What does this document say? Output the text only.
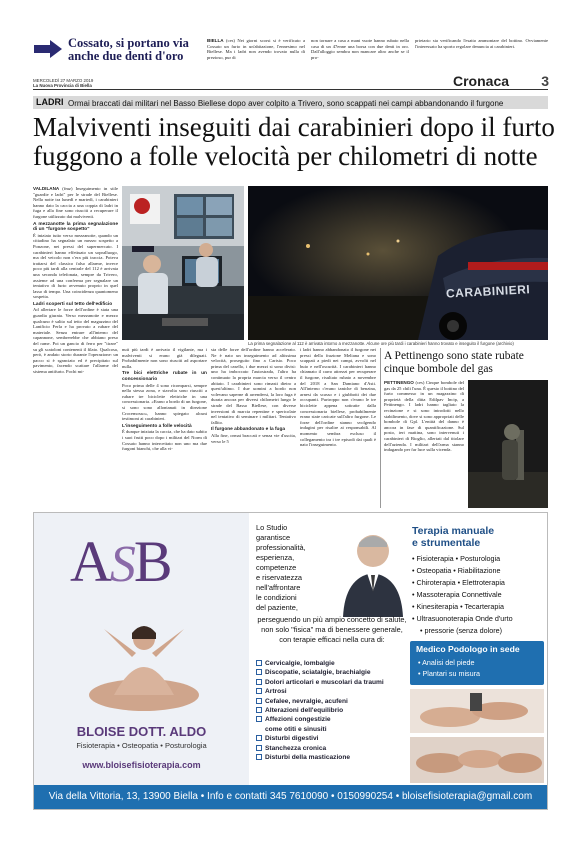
Cossato, si portano via
anche due denti d'oro
BIELLA (ces) Nei giorni scorsi si è verificato a Cossato un furto in un'abitazione, l'ennesimo nel Biellese. Ma i ladri non avendo trovato nulla di prezioso, pur di
non tornare a casa a mani vuote hanno rubato nella casa di un 47enne una borsa con due denti in oro. Dall'alloggio sembra non mancare altro anche se il pro-
prietario sta verificando l'esatto ammontare del bottino. Ovviamente l'interessato ha sporto regolare denuncia ai carabinieri.
MERCOLEDÌ 27 MARZO 2019
La Nuova Provincia di Biella	Cronaca	3
LADRI Ormai braccati dai militari nel Basso Biellese dopo aver colpito a Trivero, sono scappati nei campi abbandonando il furgone
Malviventi inseguiti dai carabinieri dopo il furto
fuggono a folle velocità per chilometri di notte
VALDILANA (fmz) Inseguimento in stile "guardie e ladri" per le strade del Biellese. Nella notte tra lunedì e martedì, i carabinieri hanno dato la caccia a una coppia di ladri in fuga e alla fine sono riusciti a recuperare il furgone utilizzato dai malviventi.
A mezzanotte la prima segnalazione di un "furgone sospetto"
È iniziato tutto verso mezzanotte, quando un cittadino ha segnalato un mezzo sospetto a Ponzone, nei pressi del supermercato. I carabinieri hanno effettuato un sopralluogo, ma del veicolo non c'era più traccia. Poteva trattarsi del classico falso allarme, invece poco più tardi alla centrale del 112 è arrivata una seconda telefonata, sempre da Trivero, assieme ad una conferma per segnalare un tentativo di furto avvenuto proprio in quel lasso di tempo. Una coincidenza quantomeno sospetta.
Ladri scoperti sul tetto dell'edificio
Ad allertare le forze dell'ordine è stata una guardia giurata. Verso mezzanotte e mezzo qualcuno è salito sul tetto del magazzino del Lanificio Ferla e ha provato a rubare del materiale. Senza entrare all'interno del capannone, sembrerebbe che abbiano preso del rame. Poi un gancio di ferro per "tirare" su gli scatoloni contenenti il filato. Qualcosa, però, è andato storto durante l'operazione: un pacco si è sganciato ed è precipitato sul pavimento, facendo scattare l'allarme del sistema antifurto. Pochi mi-
CARABINIERI
La prima segnalazione al 112 è arrivata intorno a mezzanotte. Alcune ore più tardi i carabinieri hanno trovato e inseguito il furgone (archivio)
nuti più tardi è arrivato il vigilante, ma i malviventi si erano già dileguati. Probabilmente non sono riusciti ad asportare nulla.
Tre bici elettriche rubate in un concessionario
Poco prima delle 4 sono ricomparsi, sempre nella stessa zona, e stavolta sono riusciti a rubare tre biciclette elettriche in una concessionaria. «Erano a bordo di un furgone, si sono sono allontanati in direzione Crocemosso», hanno spiegato alcuni testimoni ai carabinieri.
L'inseguimento a folle velocità
È dunque iniziata la caccia, che ha dato subito i suoi frutti poco dopo i militari del Norm di Cossato hanno intercettato non uno ma due furgoni bianchi, che alla vi-
sta delle forze dell'ordine hanno accelerato. Ne è nato un inseguimento ad altissima velocità, proseguito fino a Carisio. Poco prima del casello, i due mezzi si sono divisi: uno ha imboccato l'autostrada, l'altro ha continuato la propria marcia verso il centro abitato. I carabinieri sono rimasti dietro a quest'ultimo. I due uomini a bordo non volevano saperne di arrendersi, la loro fuga è durata ancora per diversi chilometri lungo le strade del Basso Biellese, con diverse inversioni di marcia repentine e spericolate nel tentativo di seminare i militari. Tentativo fallito.
Il furgone abbandonato e la fuga
Alla fine, ormai braccati e senza vie d'uscita, verso le 5
i ladri hanno abbandonato il furgone nei pressi della frazione Meliana e sono scappati a piedi nei campi, avvolti nel buio e nell'oscurità. I carabinieri hanno chiamato il carro attrezzi per recuperare il furgone, risultato rubato a novembre del 2018 a San Damiano d'Asti. All'interno c'erano taniche di benzina, arnesi da scasso e i giubbotti dei due occupanti. Purtroppo non c'erano le tre biciclette appena sottratte dalla concessionaria biellese, probabilmente erano state caricate sull'altro furgone. Le forze dell'ordine stanno svolgendo indagini per risalire ai responsabili. Al momento sembra escluso il collegamento tra i tre episodi dai quali è nato l'inseguimento.
A Pettinengo sono state rubate
cinque bombole del gas
PETTINENGO (ces) Cinque bombole del gas da 25 chili l'una. È questo il bottino del furto commesso in un magazzino di proprietà della ditta Edilpav Incip, a Pettinengo. I ladri hanno tagliato la recinzione e si sono introdotti nello stabilimento, dove si sono appropriati delle bombole di Gpl. L'entità del danno è ancora in fase di quantificazione. Sul posto, ieri mattina, sono intervenuti i carabinieri di Bioglio, allertati dal titolare dell'azienda. I militari dell'arma stanno indagando per far luce sulla vicenda.
ASB
BLOISE DOTT. ALDO
Fisioterapia • Osteopatia • Posturologia
www.bloisefisioterapia.com
Lo Studio
garantisce
professionalità,
esperienza,
competenze
e riservatezza
nell'affrontare
le condizioni
del paziente,
perseguendo un più ampio concetto di salute, non solo "fisica" ma di benessere generale, con terapie efficaci nella cura di:
Cervicalgie, lombalgie
Discopatie, sciatalgie, brachialgie
Dolori articolari e muscolari da traumi
Artrosi
Cefalee, nevralgie, acufeni
Alterazioni dell'equilibrio
Affezioni congestizie
come otiti e sinusiti
Disturbi digestivi
Stanchezza cronica
Disturbi della masticazione
Terapia manuale
e strumentale
• Fisioterapia • Posturologia
• Osteopatia • Riabilitazione
• Chiroterapia • Elettroterapia
• Massoterapia Connettivale
• Kinesiterapia • Tecarterapia
• Ultrasuonoterapia Onde d'urto
• pressorie (senza dolore)
Medico Podologo in sede
• Analisi del piede
• Plantari su misura
Via della Vittoria, 13, 13900 Biella • Info e contatti 345 7610090 • 0150990254 • bloisefisioterapia@gmail.com
